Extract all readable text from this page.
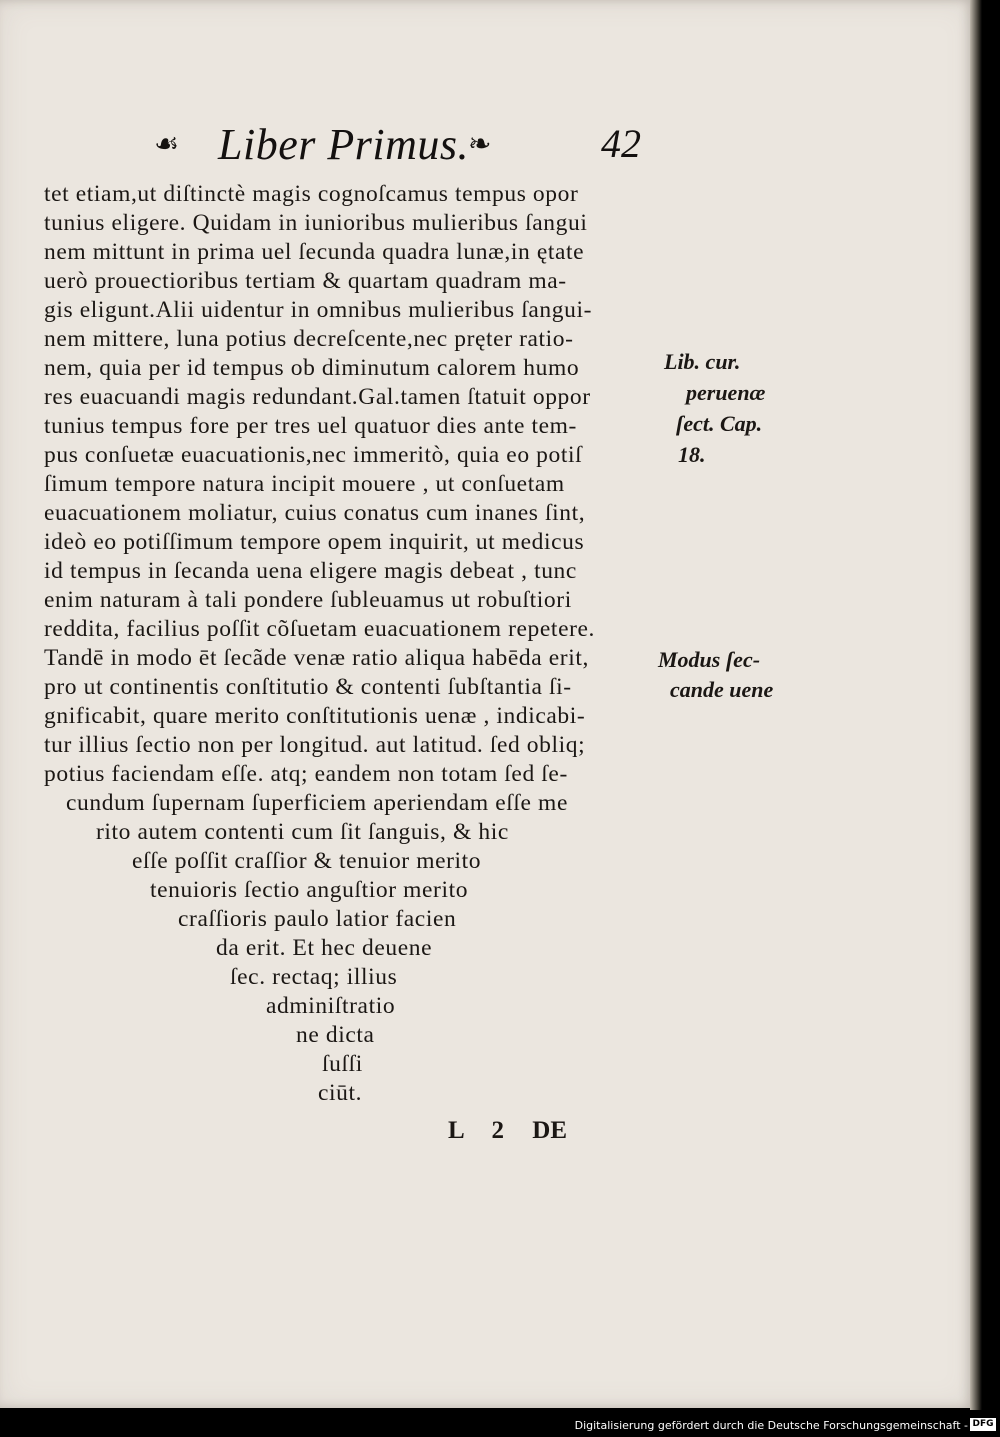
☙ Liber Primus. ❧	42
tet etiam,ut diſtinctè magis cognoſcamus tempus opor
tunius eligere. Quidam in iunioribus mulieribus ſangui
nem mittunt in prima uel ſecunda quadra lunæ,in ętate
uerò prouectioribus tertiam & quartam quadram ma-
gis eligunt.Alii uidentur in omnibus mulieribus ſangui-
nem mittere, luna potius decreſcente,nec pręter ratio-
nem, quia per id tempus ob diminutum calorem humo
res euacuandi magis redundant.Gal.tamen ſtatuit oppor
tunius tempus fore per tres uel quatuor dies ante tem-
pus conſuetæ euacuationis,nec immeritò, quia eo potiſ
ſimum tempore natura incipit mouere , ut conſuetam
euacuationem moliatur, cuius conatus cum inanes ſint,
ideò eo potiſſimum tempore opem inquirit, ut medicus
id tempus in ſecanda uena eligere magis debeat , tunc
enim naturam à tali pondere ſubleuamus ut robuſtiori
reddita, facilius poſſit cõſuetam euacuationem repetere.
Tandē in modo ēt ſecãde venæ ratio aliqua habēda erit,
pro ut continentis conſtitutio & contenti ſubſtantia ſi-
gnificabit, quare merito conſtitutionis uenæ , indicabi-
tur illius ſectio non per longitud. aut latitud. ſed obliq;
potius faciendam eſſe. atq; eandem non totam ſed ſe-
cundum ſupernam ſuperficiem aperiendam eſſe me
rito autem contenti cum ſit ſanguis, & hic
eſſe poſſit craſſior & tenuior merito
tenuioris ſectio anguſtior merito
craſſioris paulo latior facien
da erit. Et hec deuene
ſec. rectaq; illius
adminiſtratio
ne dicta
ſuſſi
ciūt.
Lib. cur.
peruenæ
ſect. Cap.
18.
Modus ſec-
cande uene
L 2 DE
Digitalisierung gefördert durch die Deutsche Forschungsgemeinschaft - DFG
